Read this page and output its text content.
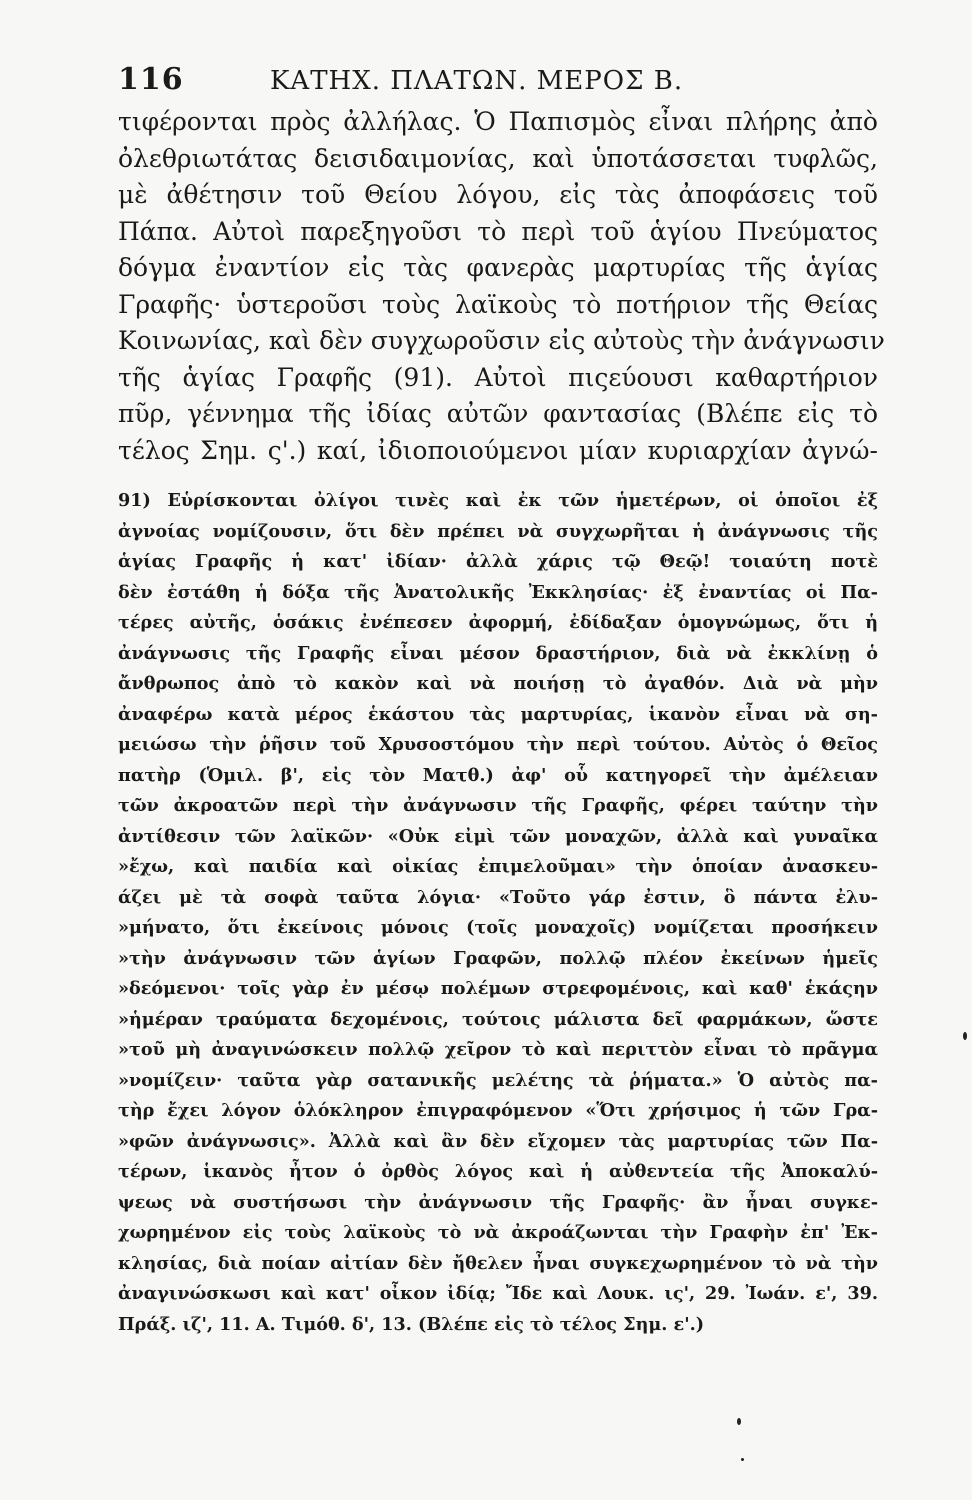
116	ΚΑΤΗΧ. ΠΛΑΤΩΝ. ΜΕΡΟΣ Β.
τιφέρονται πρὸς ἀλλήλας. Ὁ Παπισμὸς εἶναι πλήρης ἀπὸ
ὀλεθριωτάτας δεισιδαιμονίας, καὶ ὑποτάσσεται τυφλῶς,
μὲ ἀθέτησιν τοῦ Θείου λόγου, εἰς τὰς ἀποφάσεις τοῦ
Πάπα. Αὐτοὶ παρεξηγοῦσι τὸ περὶ τοῦ ἁγίου Πνεύματος
δόγμα ἐναντίον εἰς τὰς φανερὰς μαρτυρίας τῆς ἁγίας
Γραφῆς· ὑστεροῦσι τοὺς λαϊκοὺς τὸ ποτήριον τῆς Θείας
Κοινωνίας, καὶ δὲν συγχωροῦσιν εἰς αὐτοὺς τὴν ἀνάγνωσιν
τῆς ἁγίας Γραφῆς (91). Αὐτοὶ πιςεύουσι καθαρτήριον
πῦρ, γέννημα τῆς ἰδίας αὐτῶν φαντασίας (Βλέπε εἰς τὸ
τέλος Σημ. ς'.) καί, ἰδιοποιούμενοι μίαν κυριαρχίαν ἀγνώ-
91) Εὑρίσκονται ὀλίγοι τινὲς καὶ ἐκ τῶν ἡμετέρων, οἱ ὁποῖοι ἐξ
ἀγνοίας νομίζουσιν, ὅτι δὲν πρέπει νὰ συγχωρῆται ἡ ἀνάγνωσις τῆς
ἁγίας Γραφῆς ἡ κατ' ἰδίαν· ἀλλὰ χάρις τῷ Θεῷ! τοιαύτη ποτὲ
δὲν ἐστάθη ἡ δόξα τῆς Ἀνατολικῆς Ἐκκλησίας· ἐξ ἐναντίας οἱ Πα-
τέρες αὐτῆς, ὁσάκις ἐνέπεσεν ἀφορμή, ἐδίδαξαν ὁμογνώμως, ὅτι ἡ
ἀνάγνωσις τῆς Γραφῆς εἶναι μέσον δραστήριον, διὰ νὰ ἐκκλίνῃ ὁ
ἄνθρωπος ἀπὸ τὸ κακὸν καὶ νὰ ποιήσῃ τὸ ἀγαθόν. Διὰ νὰ μὴν
ἀναφέρω κατὰ μέρος ἑκάστου τὰς μαρτυρίας, ἱκανὸν εἶναι νὰ ση-
μειώσω τὴν ῥῆσιν τοῦ Χρυσοστόμου τὴν περὶ τούτου. Αὐτὸς ὁ Θεῖος
πατὴρ (Ὁμιλ. β', εἰς τὸν Ματθ.) ἀφ' οὗ κατηγορεῖ τὴν ἀμέλειαν
τῶν ἀκροατῶν περὶ τὴν ἀνάγνωσιν τῆς Γραφῆς, φέρει ταύτην τὴν
ἀντίθεσιν τῶν λαϊκῶν· «Οὐκ εἰμὶ τῶν μοναχῶν, ἀλλὰ καὶ γυναῖκα
»ἔχω, καὶ παιδία καὶ οἰκίας ἐπιμελοῦμαι» τὴν ὁποίαν ἀνασκευ-
άζει μὲ τὰ σοφὰ ταῦτα λόγια· «Τοῦτο γάρ ἐστιν, ὃ πάντα ἐλυ-
»μήνατο, ὅτι ἐκείνοις μόνοις (τοῖς μοναχοῖς) νομίζεται προσήκειν
»τὴν ἀνάγνωσιν τῶν ἁγίων Γραφῶν, πολλῷ πλέον ἐκείνων ἡμεῖς
»δεόμενοι· τοῖς γὰρ ἐν μέσῳ πολέμων στρεφομένοις, καὶ καθ' ἑκάςην
»ἡμέραν τραύματα δεχομένοις, τούτοις μάλιστα δεῖ φαρμάκων, ὥστε
»τοῦ μὴ ἀναγινώσκειν πολλῷ χεῖρον τὸ καὶ περιττὸν εἶναι τὸ πρᾶγμα
»νομίζειν· ταῦτα γὰρ σατανικῆς μελέτης τὰ ῥήματα.» Ὁ αὐτὸς πα-
τὴρ ἔχει λόγον ὁλόκληρον ἐπιγραφόμενον «Ὅτι χρήσιμος ἡ τῶν Γρα-
»φῶν ἀνάγνωσις». Ἀλλὰ καὶ ἂν δὲν εἴχομεν τὰς μαρτυρίας τῶν Πα-
τέρων, ἱκανὸς ἦτον ὁ ὀρθὸς λόγος καὶ ἡ αὐθεντεία τῆς Ἀποκαλύ-
ψεως νὰ συστήσωσι τὴν ἀνάγνωσιν τῆς Γραφῆς· ἂν ἦναι συγκε-
χωρημένον εἰς τοὺς λαϊκοὺς τὸ νὰ ἀκροάζωνται τὴν Γραφὴν ἐπ' Ἐκ-
κλησίας, διὰ ποίαν αἰτίαν δὲν ἤθελεν ἦναι συγκεχωρημένον τὸ νὰ τὴν
ἀναγινώσκωσι καὶ κατ' οἶκον ἰδίᾳ; Ἴδε καὶ Λουκ. ις', 29. Ἰωάν. ε', 39.
Πράξ. ιζ', 11. Α. Τιμόθ. δ', 13. (Βλέπε εἰς τὸ τέλος Σημ. ε'.)
